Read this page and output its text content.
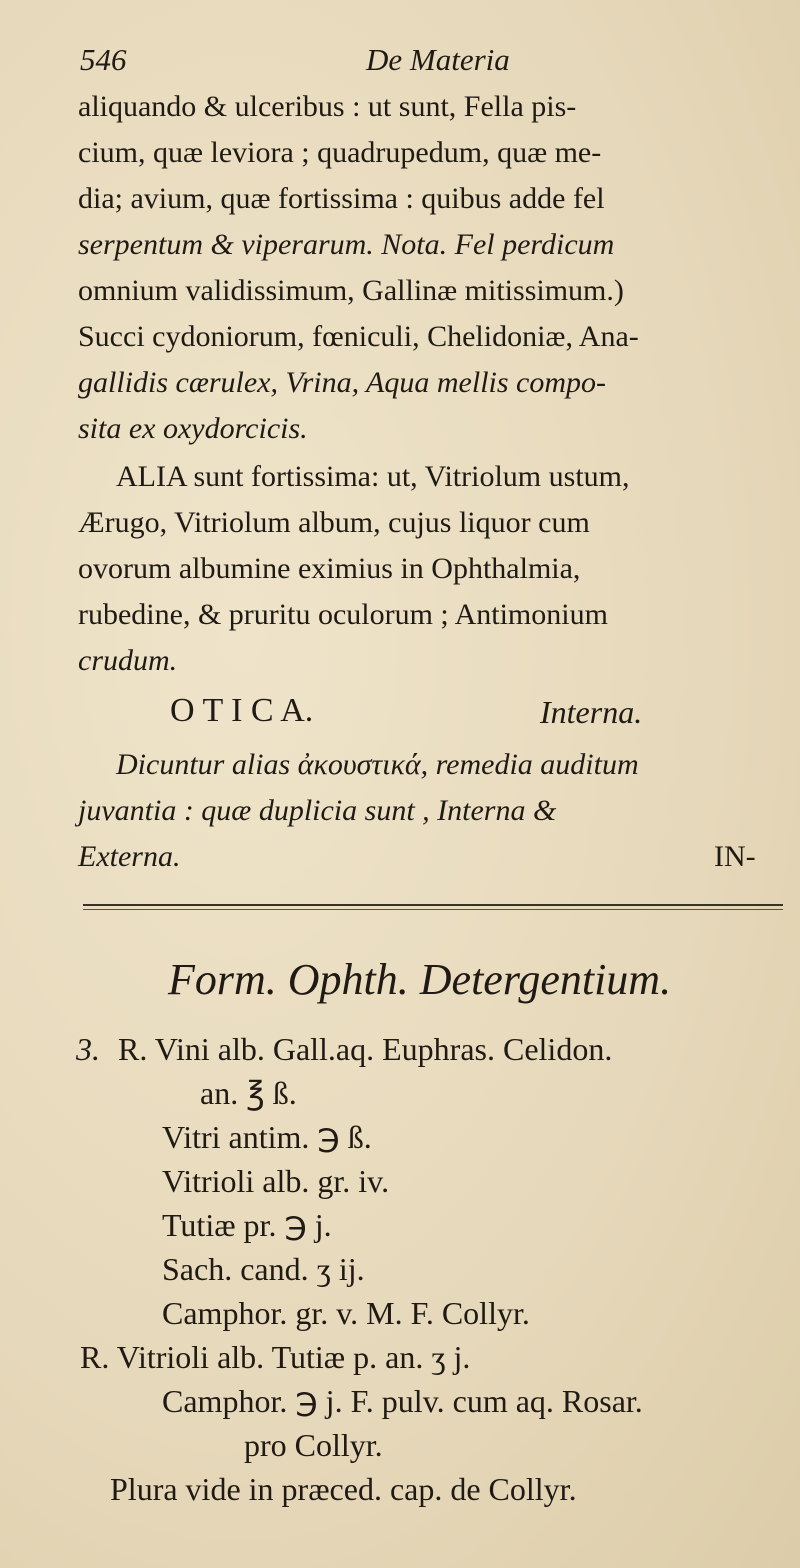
546	De Materia
aliquando & ulceribus : ut sunt, Fella pis-
cium, quæ leviora ; quadrupedum, quæ me-
dia; avium, quæ fortissima : quibus adde fel
serpentum & viperarum. Nota. Fel perdicum
omnium validissimum, Gallinæ mitissimum.)
Succi cydoniorum, fœniculi, Chelidoniæ, Ana-
gallidis cærulex, Vrina, Aqua mellis compo-
sita ex oxydorcicis.
ALIA sunt fortissima: ut, Vitriolum ustum,
Ærugo, Vitriolum album, cujus liquor cum
ovorum albumine eximius in Ophthalmia,
rubedine, & pruritu oculorum ; Antimonium
crudum.
O T I C A.	Interna.
Dicuntur alias ἀκουστικά, remedia auditum
juvantia : quæ duplicia sunt , Interna &
Externa.	IN-
Form. Ophth. Detergentium.
3. R. Vini alb. Gall.aq. Euphras. Celidon.
an. ℥ ß.
Vitri antim. ℈ ß.
Vitrioli alb. gr. iv.
Tutiæ pr. ℈ j.
Sach. cand. ʒ ij.
Camphor. gr. v. M. F. Collyr.
R. Vitrioli alb. Tutiæ p. an. ʒ j.
Camphor. ℈ j. F. pulv. cum aq. Rosar.
pro Collyr.
Plura vide in præced. cap. de Collyr.
